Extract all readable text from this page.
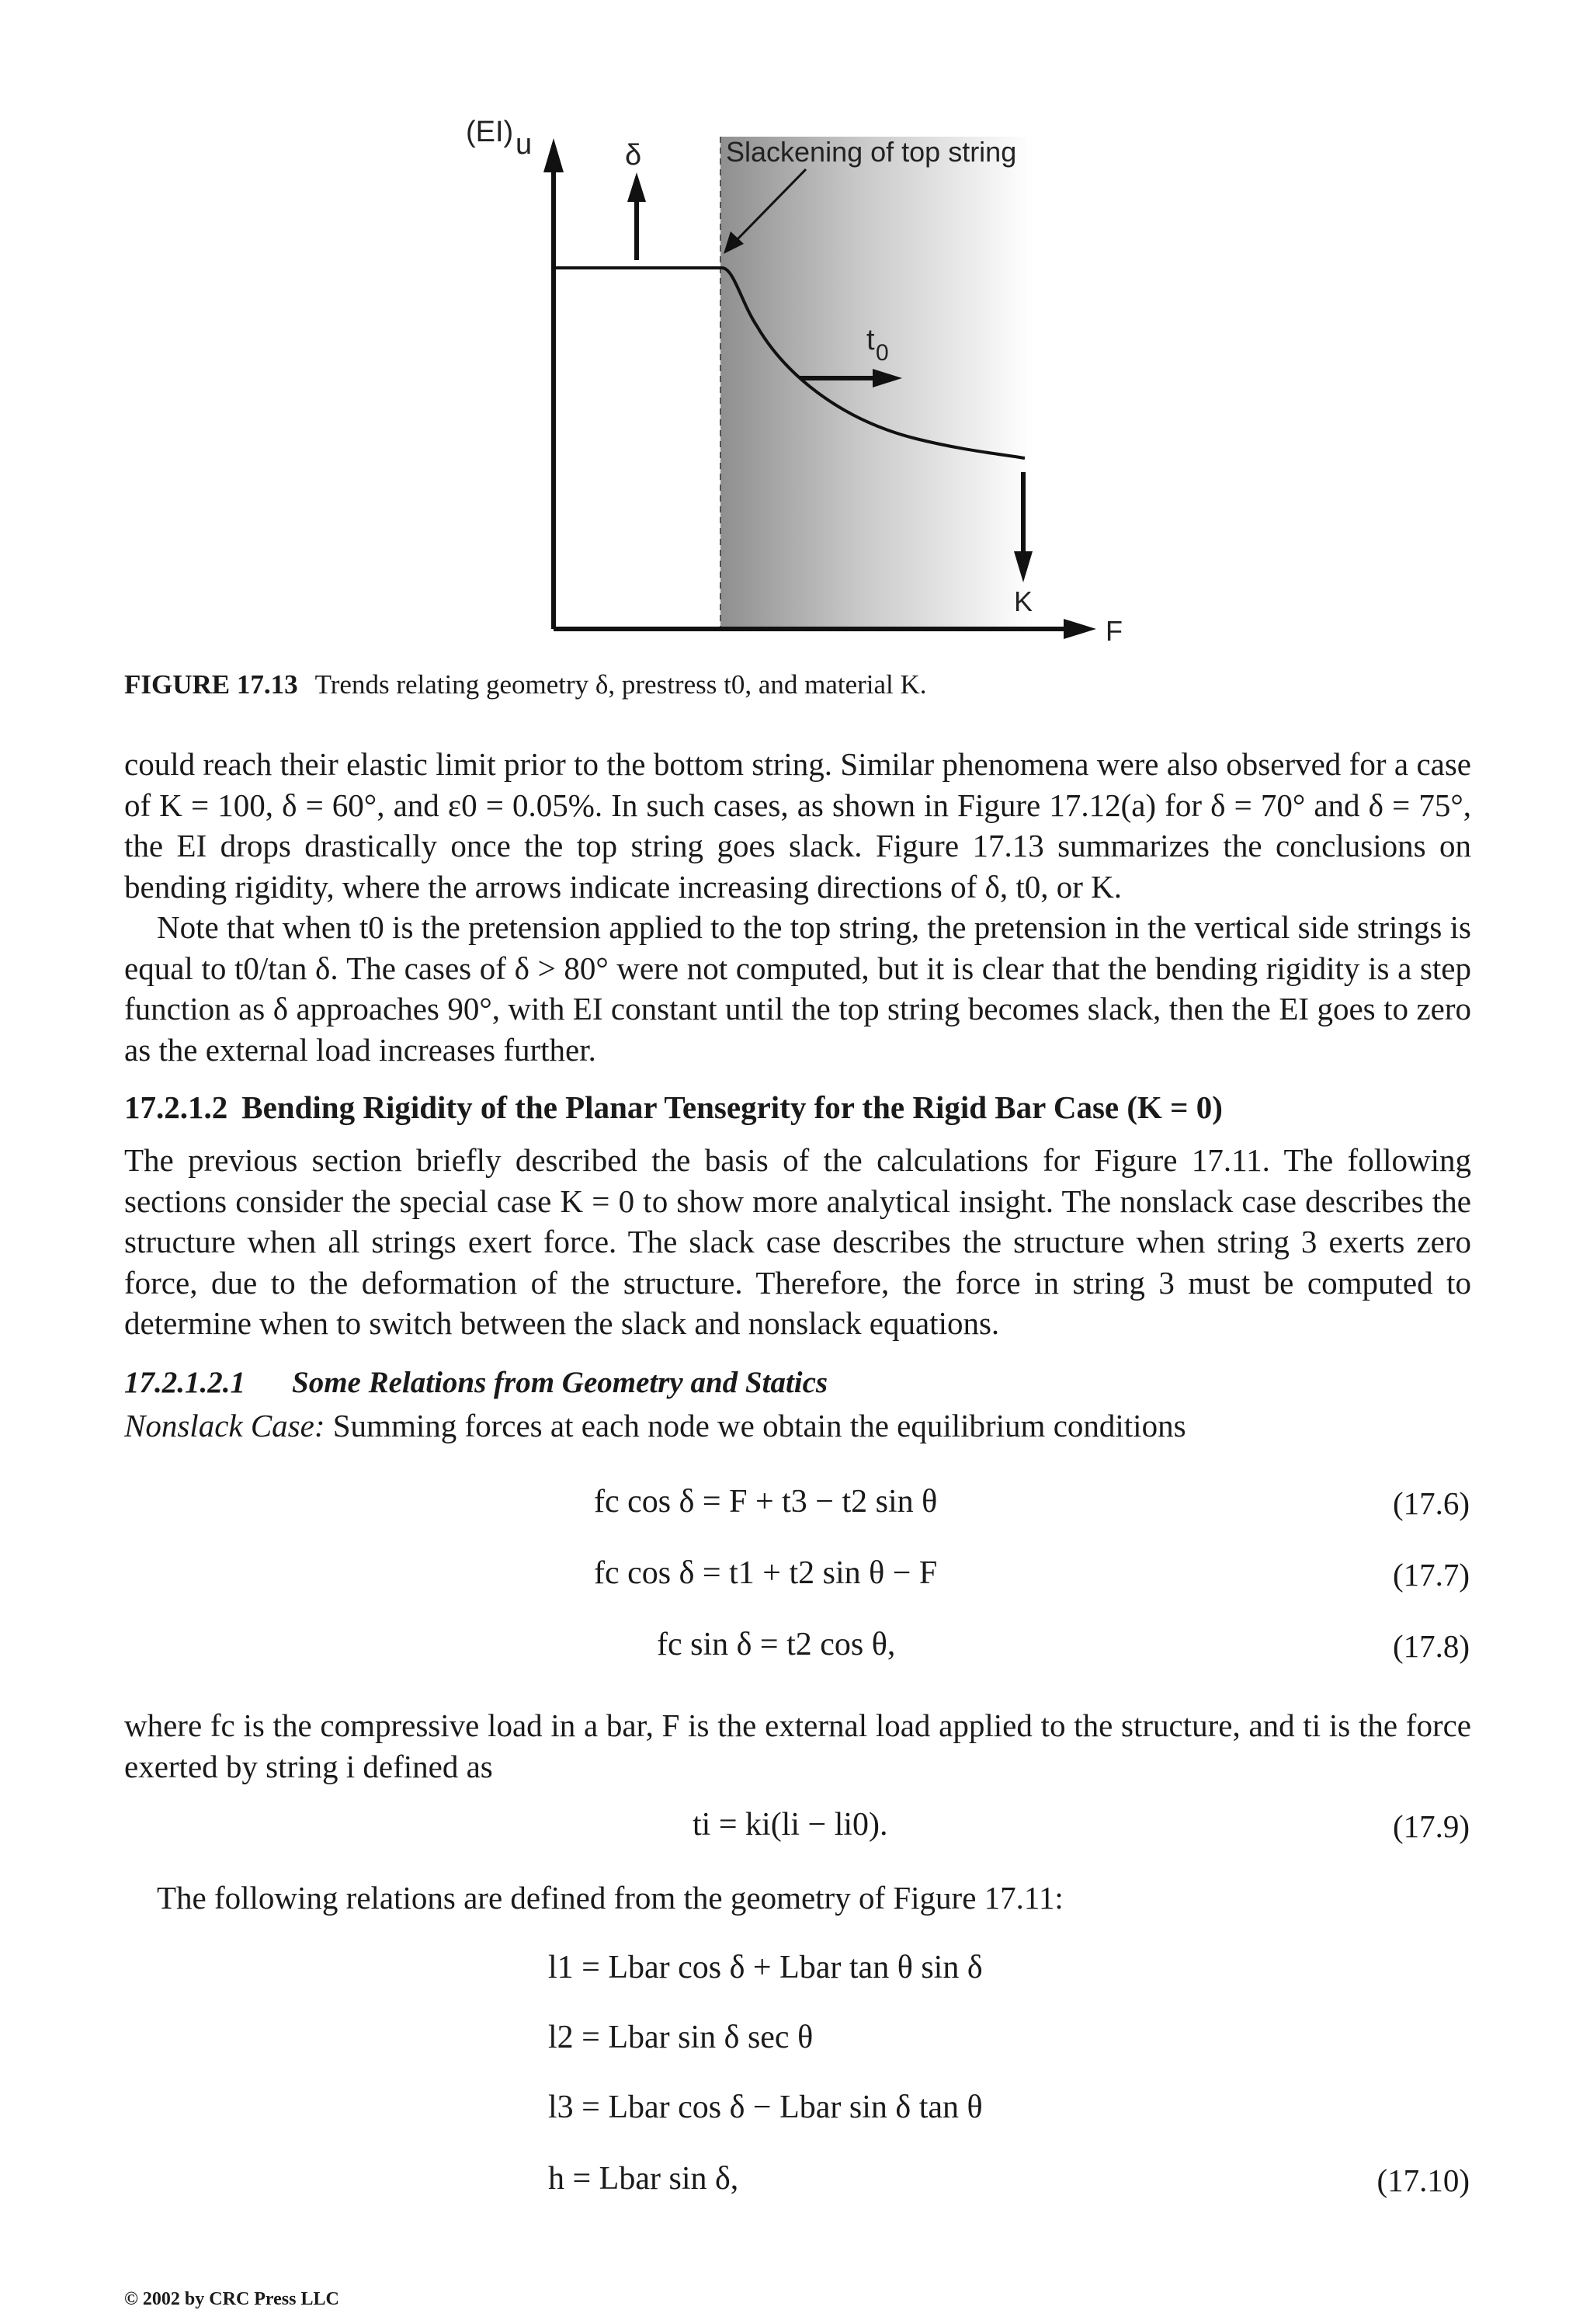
(EI) u	δ	Slackening of top string
t 0
K
F
FIGURE 17.13 Trends relating geometry δ, prestress t0, and material K.

could reach their elastic limit prior to the bottom string. Similar phenomena were also observed for a case of K = 100, δ = 60°, and ε0 = 0.05%. In such cases, as shown in Figure 17.12(a) for δ = 70° and δ = 75°, the EI drops drastically once the top string goes slack. Figure 17.13 summarizes the conclusions on bending rigidity, where the arrows indicate increasing directions of δ, t0, or K.

Note that when t0 is the pretension applied to the top string, the pretension in the vertical side strings is equal to t0/tan δ. The cases of δ > 80° were not computed, but it is clear that the bending rigidity is a step function as δ approaches 90°, with EI constant until the top string becomes slack, then the EI goes to zero as the external load increases further.

17.2.1.2 Bending Rigidity of the Planar Tensegrity for the Rigid Bar Case (K = 0)
The previous section briefly described the basis of the calculations for Figure 17.11. The following sections consider the special case K = 0 to show more analytical insight. The nonslack case describes the structure when all strings exert force. The slack case describes the structure when string 3 exerts zero force, due to the deformation of the structure. Therefore, the force in string 3 must be computed to determine when to switch between the slack and nonslack equations.
17.2.1.2.1 Some Relations from Geometry and Statics
Nonslack Case: Summing forces at each node we obtain the equilibrium conditions
fc cos δ = F + t3 − t2 sin θ	(17.6)
fc cos δ = t1 + t2 sin θ − F	(17.7)
fc sin δ = t2 cos θ,	(17.8)
where fc is the compressive load in a bar, F is the external load applied to the structure, and ti is the force exerted by string i defined as
ti = ki(li − li0).	(17.9)
The following relations are defined from the geometry of Figure 17.11:
l1 = Lbar cos δ + Lbar tan θ sin δ
l2 = Lbar sin δ sec θ
l3 = Lbar cos δ − Lbar sin δ tan θ
h = Lbar sin δ,	(17.10)
© 2002 by CRC Press LLC
